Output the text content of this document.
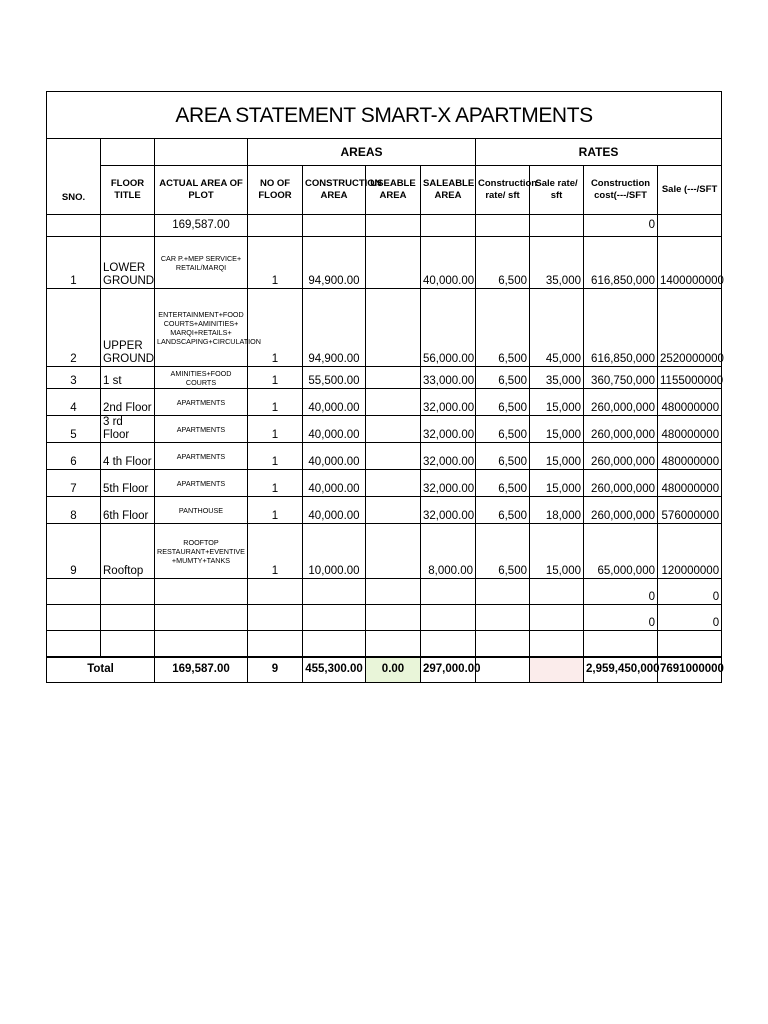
AREA STATEMENT SMART-X APARTMENTS										
SNO.			AREAS				RATES			
	FLOOR TITLE	ACTUAL AREA OF PLOT	NO OF FLOOR	CONSTRUCTION AREA	USEABLE AREA	SALEABLE AREA	Construction rate/ sft	Sale rate/ sft	Construction cost(---/SFT	Sale (---/SFT
		169,587.00							0	
1	LOWER GROUND	CAR P.+MEP SERVICE+ RETAIL/MARQI	1	94,900.00		40,000.00	6,500	35,000	616,850,000	1400000000
2	UPPER GROUND	ENTERTAINMENT+FOOD COURTS+AMINITIES+ MARQI+RETAILS+ LANDSCAPING+CIRCULATION	1	94,900.00		56,000.00	6,500	45,000	616,850,000	2520000000
3	1 st	AMINITIES+FOOD COURTS	1	55,500.00		33,000.00	6,500	35,000	360,750,000	1155000000
4	2nd Floor	APARTMENTS	1	40,000.00		32,000.00	6,500	15,000	260,000,000	480000000
5	3 rd Floor	APARTMENTS	1	40,000.00		32,000.00	6,500	15,000	260,000,000	480000000
6	4 th Floor	APARTMENTS	1	40,000.00		32,000.00	6,500	15,000	260,000,000	480000000
7	5th Floor	APARTMENTS	1	40,000.00		32,000.00	6,500	15,000	260,000,000	480000000
8	6th Floor	PANTHOUSE	1	40,000.00		32,000.00	6,500	18,000	260,000,000	576000000
9	Rooftop	ROOFTOP RESTAURANT+EVENTIVE +MUMTY+TANKS	1	10,000.00		8,000.00	6,500	15,000	65,000,000	120000000
									0	0
									0	0

Total		169,587.00	9	455,300.00	0.00	297,000.00			2,959,450,000	7691000000
